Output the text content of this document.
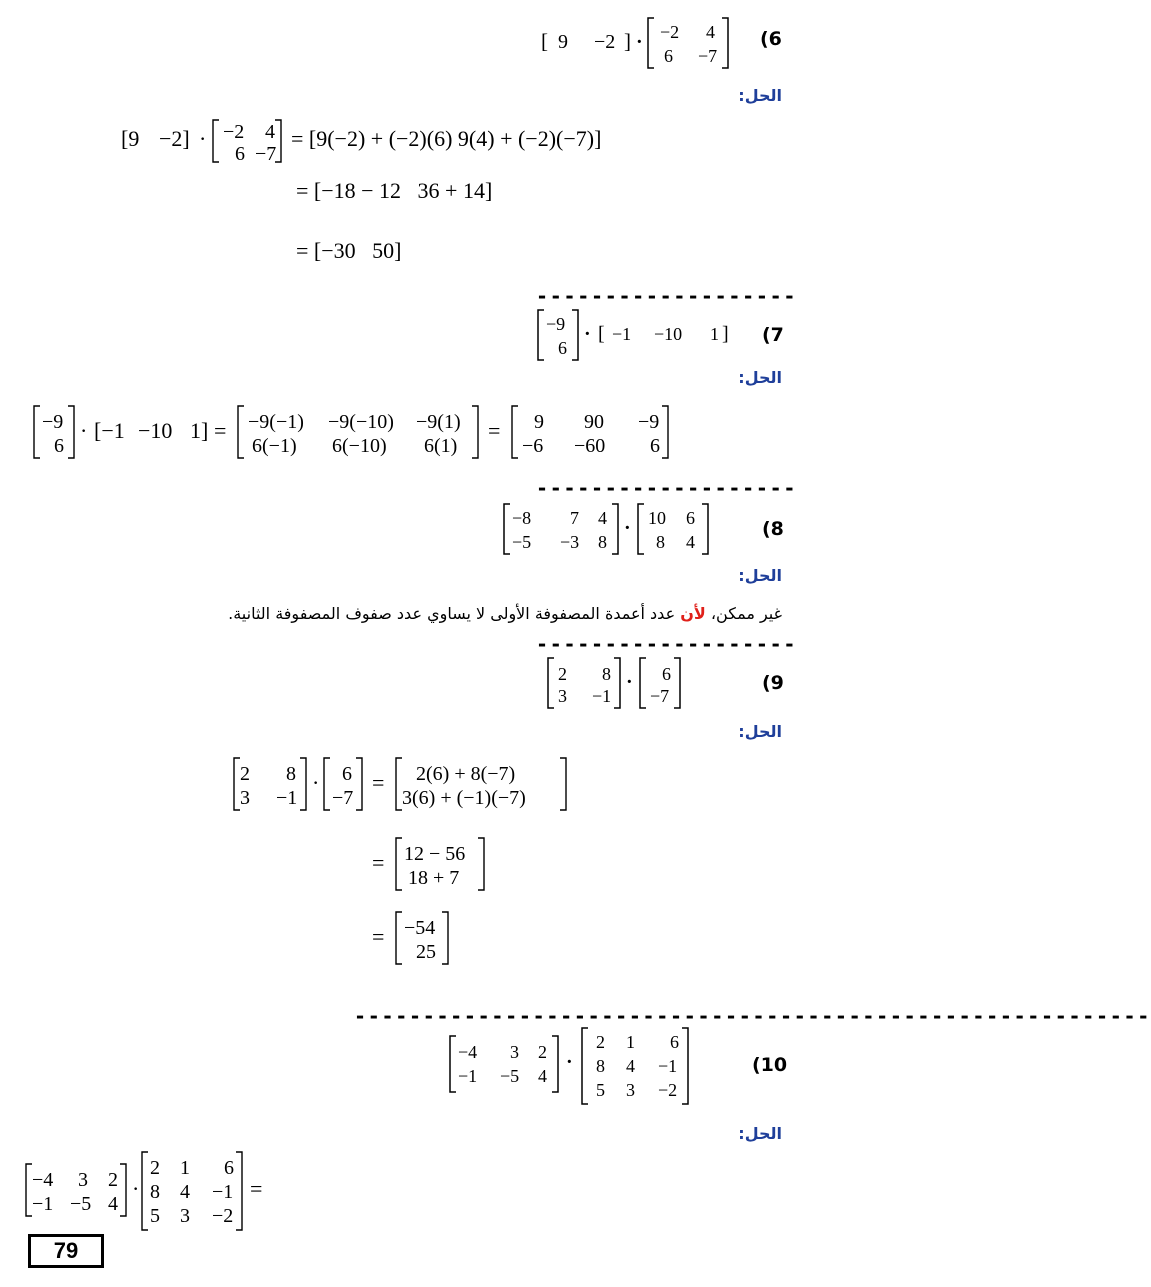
[ 9 −2 ] · −2 4
6 −7
(6
الحل:
[9 −2] · −2 4
6 −7
= [9(−2) + (−2)(6) 9(4) + (−2)(−7)]
= [−18 − 12   36 + 14]
= [−30   50]
-------------------
−9
6
· [ −1 −10 1 ] (7
الحل:
−9
6
· [−1 −10 1] = −9(−1) −9(−10) −9(1)
6(−1) 6(−10) 6(1)
= 9 90 −9
−6 −60 6
-------------------
−8 7 4
−5 −3 8
· 10 6
8 4
(8
الحل:
غير ممكن، لأن عدد أعمدة المصفوفة الأولى لا يساوي عدد صفوف المصفوفة الثانية.
-------------------
2 8
3 −1
· 6
−7
(9
الحل:
2 8
3 −1
· 6
−7
= 2(6) + 8(−7)
3(6) + (−1)(−7)
= 12 − 56
18 + 7
= −54
25
----------------------------------------------------------
−4 3 2
−1 −5 4
·
2 1 6
8 4 −1
5 3 −2
(10
الحل:
−4 3 2
−1 −5 4
·
2 1 6
8 4 −1
5 3 −2
=
79
